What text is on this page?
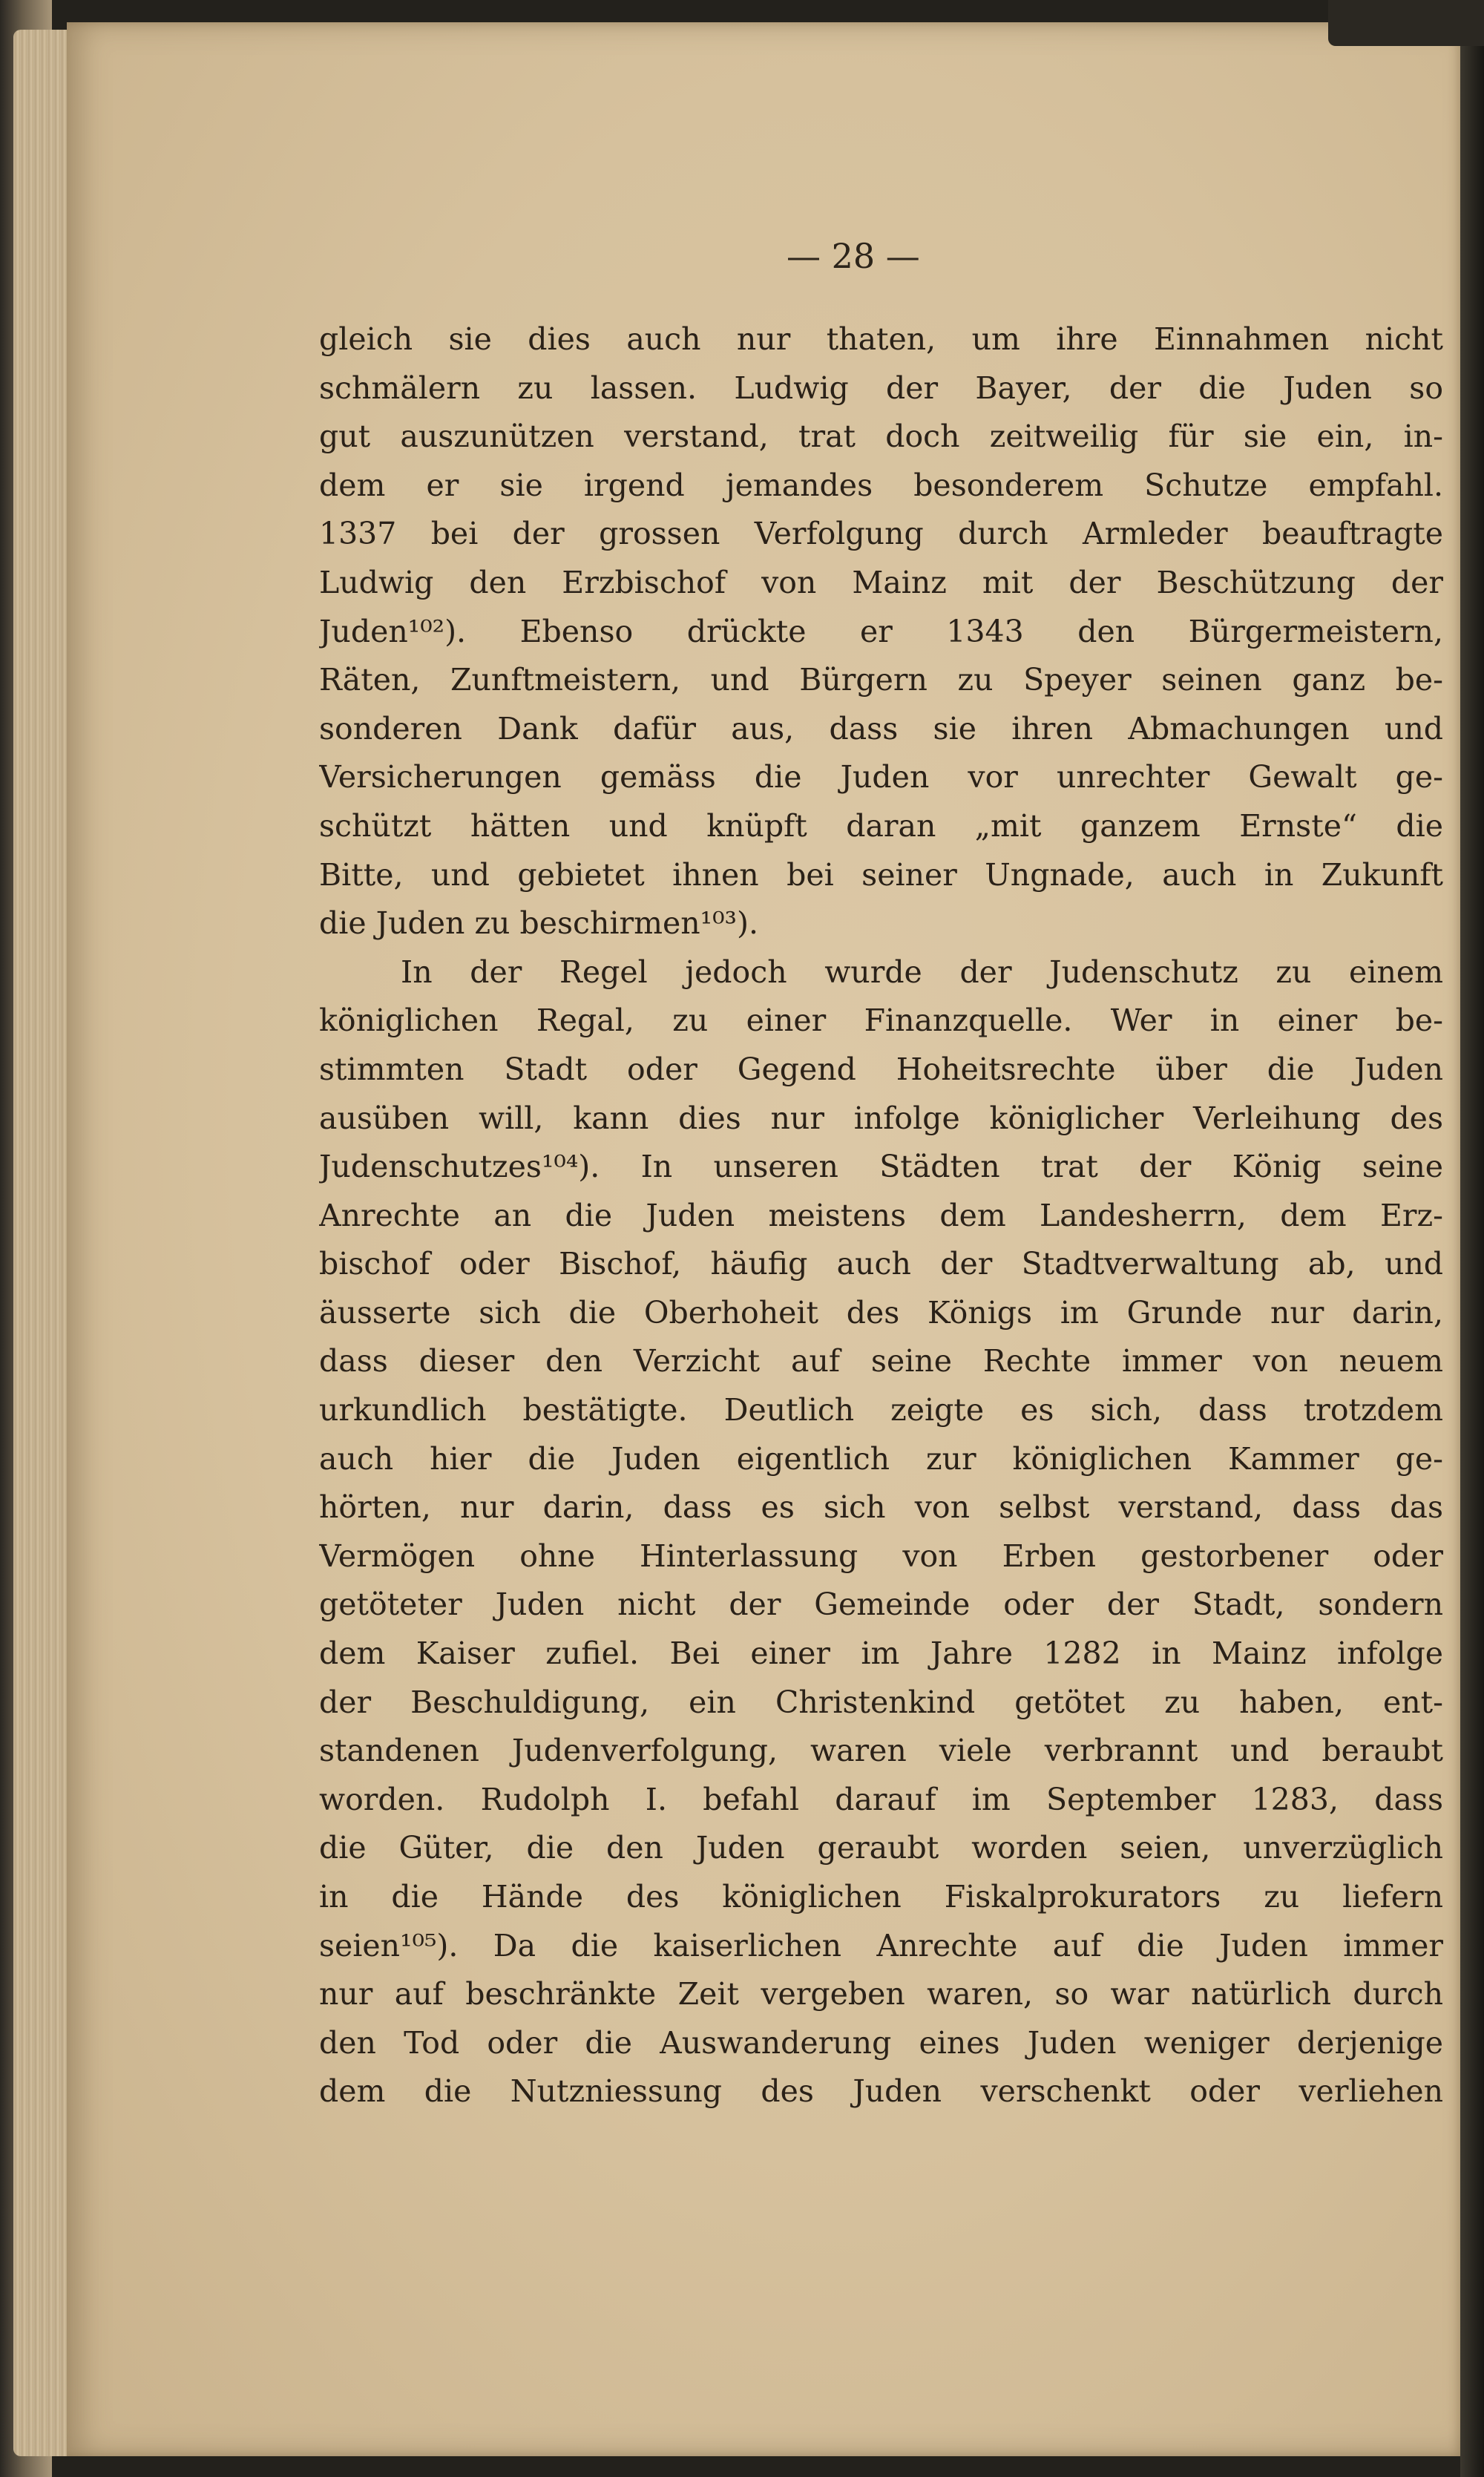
— 28 —
gleich sie dies auch nur thaten, um ihre Einnahmen nicht
schmälern zu lassen. Ludwig der Bayer, der die Juden so
gut auszunützen verstand, trat doch zeitweilig für sie ein, in-
dem er sie irgend jemandes besonderem Schutze empfahl.
1337 bei der grossen Verfolgung durch Armleder beauftragte
Ludwig den Erzbischof von Mainz mit der Beschützung der
Juden¹⁰²). Ebenso drückte er 1343 den Bürgermeistern,
Räten, Zunftmeistern, und Bürgern zu Speyer seinen ganz be-
sonderen Dank dafür aus, dass sie ihren Abmachungen und
Versicherungen gemäss die Juden vor unrechter Gewalt ge-
schützt hätten und knüpft daran „mit ganzem Ernste“ die
Bitte, und gebietet ihnen bei seiner Ungnade, auch in Zukunft
die Juden zu beschirmen¹⁰³).
In der Regel jedoch wurde der Judenschutz zu einem
königlichen Regal, zu einer Finanzquelle. Wer in einer be-
stimmten Stadt oder Gegend Hoheitsrechte über die Juden
ausüben will, kann dies nur infolge königlicher Verleihung des
Judenschutzes¹⁰⁴). In unseren Städten trat der König seine
Anrechte an die Juden meistens dem Landesherrn, dem Erz-
bischof oder Bischof, häufig auch der Stadtverwaltung ab, und
äusserte sich die Oberhoheit des Königs im Grunde nur darin,
dass dieser den Verzicht auf seine Rechte immer von neuem
urkundlich bestätigte. Deutlich zeigte es sich, dass trotzdem
auch hier die Juden eigentlich zur königlichen Kammer ge-
hörten, nur darin, dass es sich von selbst verstand, dass das
Vermögen ohne Hinterlassung von Erben gestorbener oder
getöteter Juden nicht der Gemeinde oder der Stadt, sondern
dem Kaiser zufiel. Bei einer im Jahre 1282 in Mainz infolge
der Beschuldigung, ein Christenkind getötet zu haben, ent-
standenen Judenverfolgung, waren viele verbrannt und beraubt
worden. Rudolph I. befahl darauf im September 1283, dass
die Güter, die den Juden geraubt worden seien, unverzüglich
in die Hände des königlichen Fiskalprokurators zu liefern
seien¹⁰⁵). Da die kaiserlichen Anrechte auf die Juden immer
nur auf beschränkte Zeit vergeben waren, so war natürlich durch
den Tod oder die Auswanderung eines Juden weniger derjenige
dem die Nutzniessung des Juden verschenkt oder verliehen
